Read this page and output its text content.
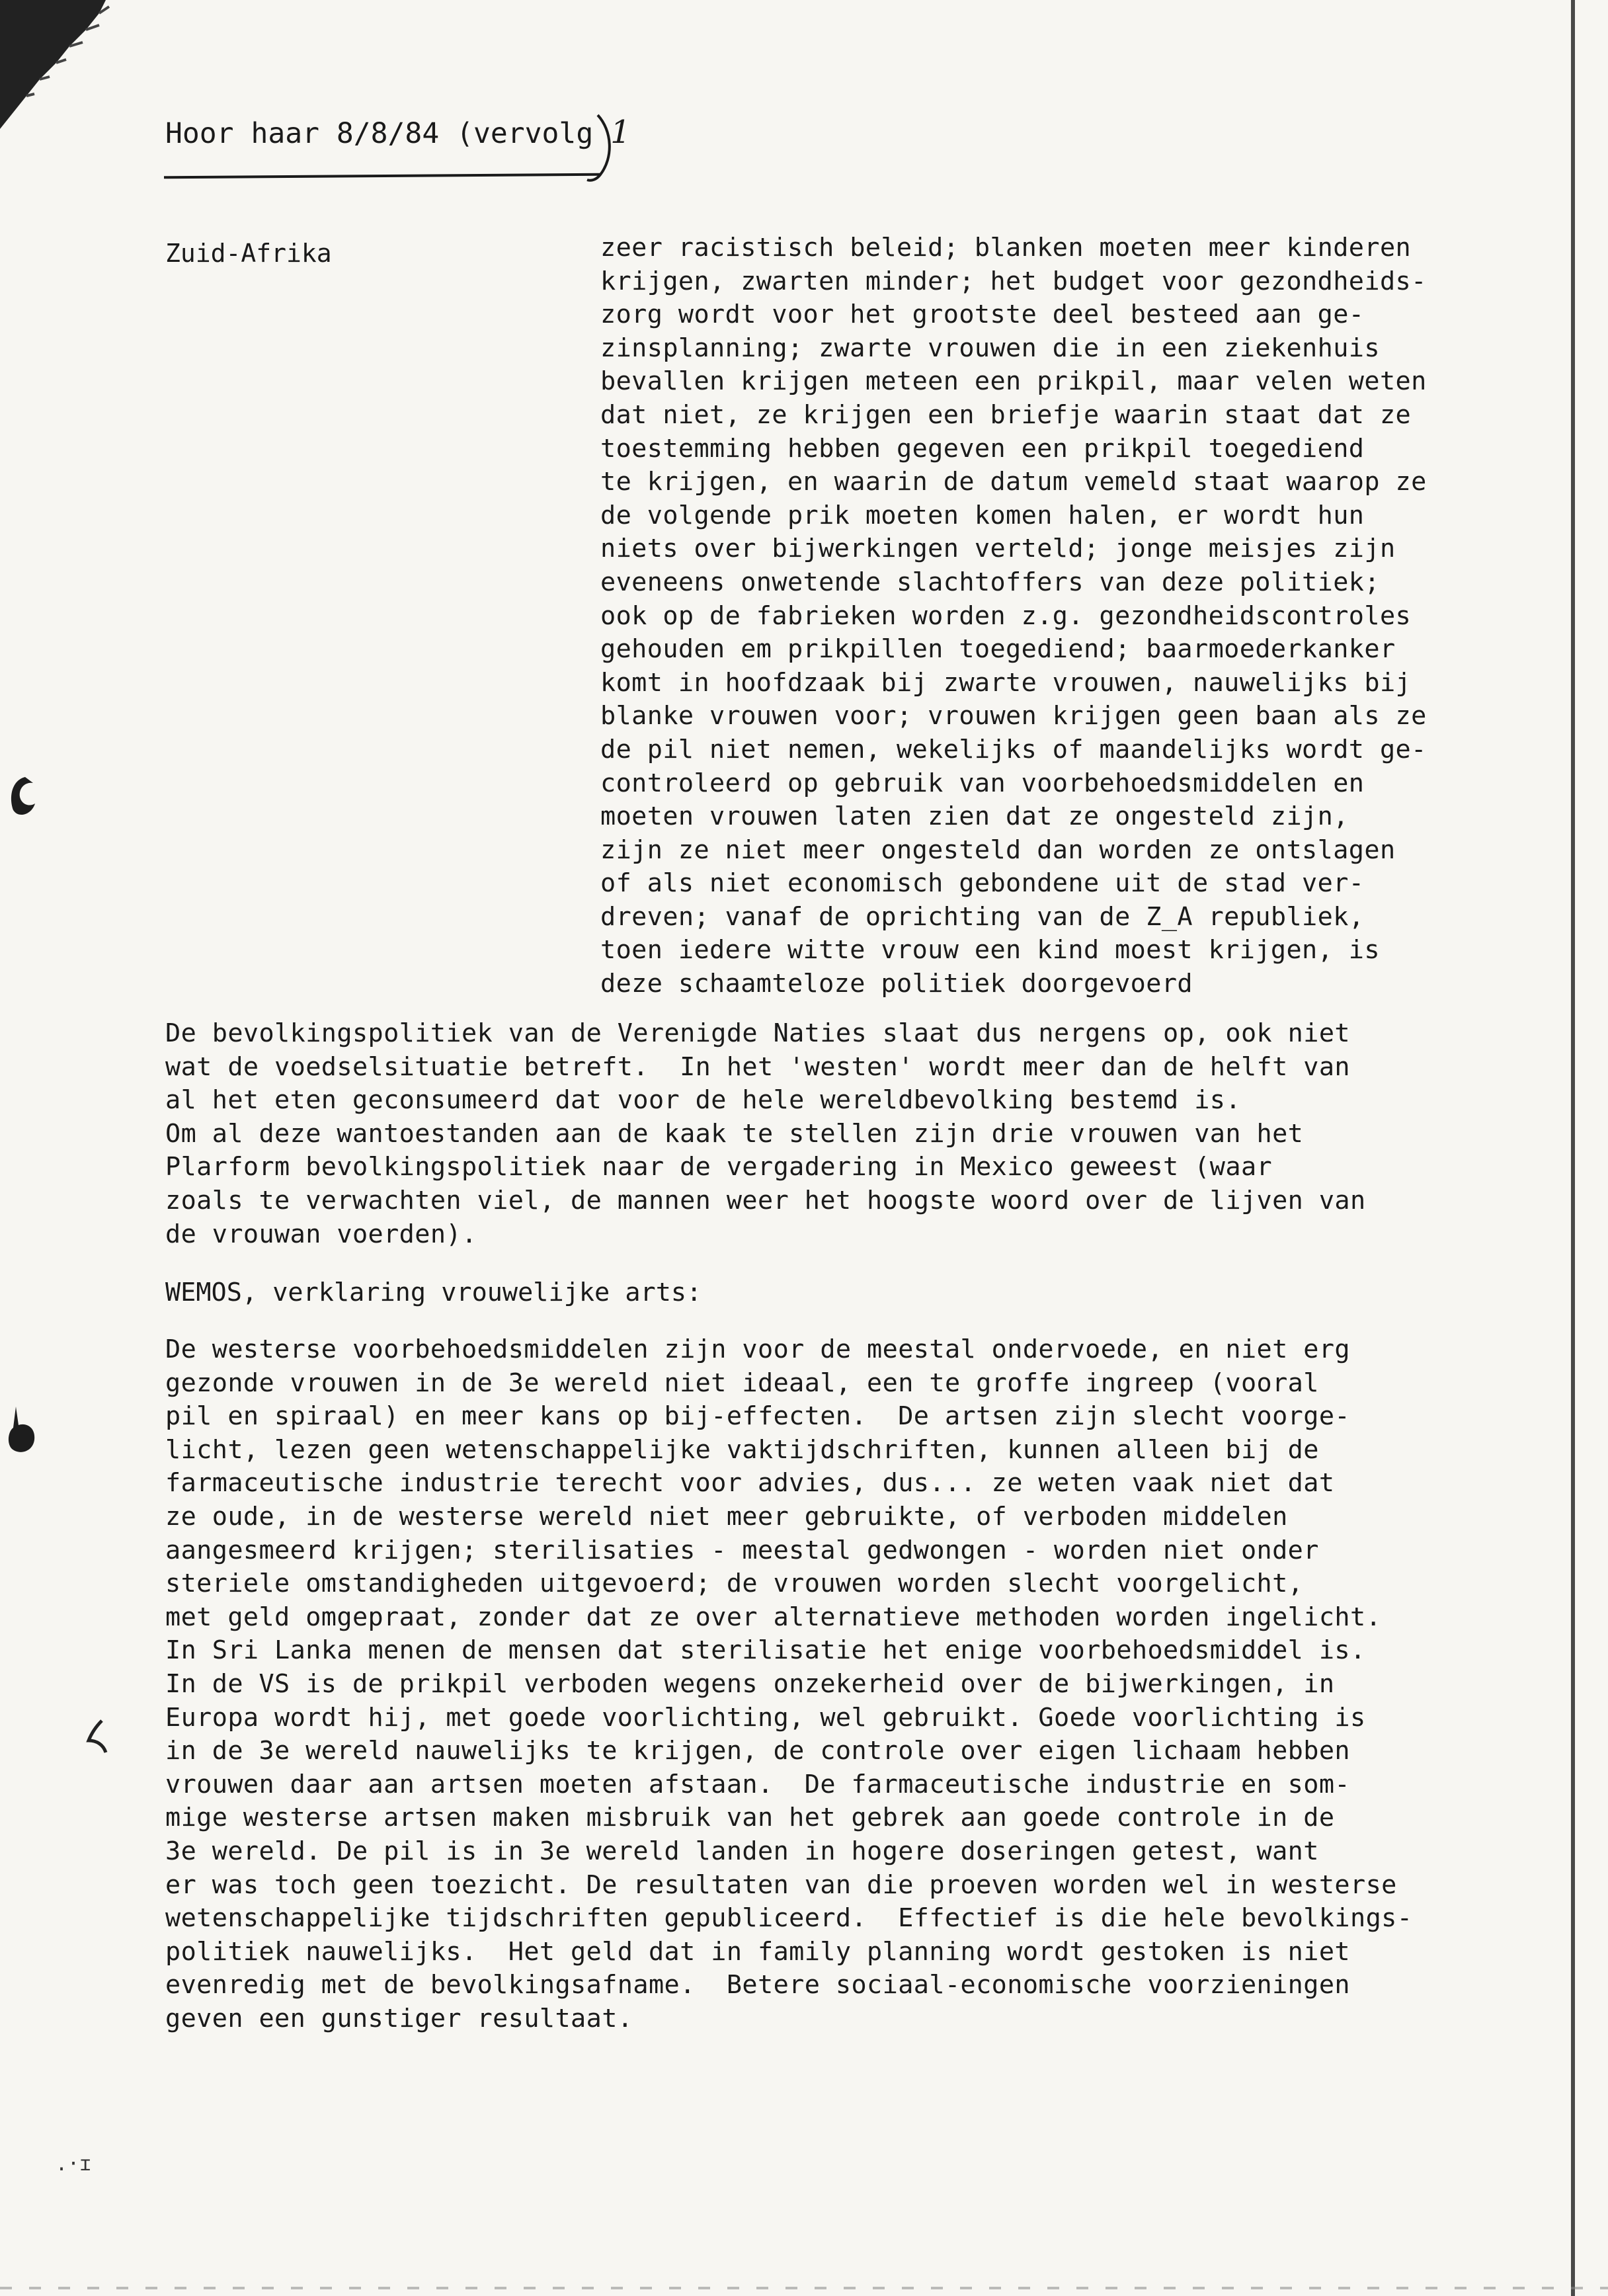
.·ɪ
Hoor haar 8/8/84 (vervolg 1
Zuid-Afrika	zeer racistisch beleid; blanken moeten meer kinderen
krijgen, zwarten minder; het budget voor gezondheids-
zorg wordt voor het grootste deel besteed aan ge-
zinsplanning; zwarte vrouwen die in een ziekenhuis
bevallen krijgen meteen een prikpil, maar velen weten
dat niet, ze krijgen een briefje waarin staat dat ze
toestemming hebben gegeven een prikpil toegediend
te krijgen, en waarin de datum vemeld staat waarop ze
de volgende prik moeten komen halen, er wordt hun
niets over bijwerkingen verteld; jonge meisjes zijn
eveneens onwetende slachtoffers van deze politiek;
ook op de fabrieken worden z.g. gezondheidscontroles
gehouden em prikpillen toegediend; baarmoederkanker
komt in hoofdzaak bij zwarte vrouwen, nauwelijks bij
blanke vrouwen voor; vrouwen krijgen geen baan als ze
de pil niet nemen, wekelijks of maandelijks wordt ge-
controleerd op gebruik van voorbehoedsmiddelen en
moeten vrouwen laten zien dat ze ongesteld zijn,
zijn ze niet meer ongesteld dan worden ze ontslagen
of als niet economisch gebondene uit de stad ver-
dreven; vanaf de oprichting van de Z_A republiek,
toen iedere witte vrouw een kind moest krijgen, is
deze schaamteloze politiek doorgevoerd
De bevolkingspolitiek van de Verenigde Naties slaat dus nergens op, ook niet
wat de voedselsituatie betreft.  In het 'westen' wordt meer dan de helft van
al het eten geconsumeerd dat voor de hele wereldbevolking bestemd is.
Om al deze wantoestanden aan de kaak te stellen zijn drie vrouwen van het
Plarform bevolkingspolitiek naar de vergadering in Mexico geweest (waar
zoals te verwachten viel, de mannen weer het hoogste woord over de lijven van
de vrouwan voerden).
WEMOS, verklaring vrouwelijke arts:
De westerse voorbehoedsmiddelen zijn voor de meestal ondervoede, en niet erg
gezonde vrouwen in de 3e wereld niet ideaal, een te groffe ingreep (vooral
pil en spiraal) en meer kans op bij-effecten.  De artsen zijn slecht voorge-
licht, lezen geen wetenschappelijke vaktijdschriften, kunnen alleen bij de
farmaceutische industrie terecht voor advies, dus... ze weten vaak niet dat
ze oude, in de westerse wereld niet meer gebruikte, of verboden middelen
aangesmeerd krijgen; sterilisaties - meestal gedwongen - worden niet onder
steriele omstandigheden uitgevoerd; de vrouwen worden slecht voorgelicht,
met geld omgepraat, zonder dat ze over alternatieve methoden worden ingelicht.
In Sri Lanka menen de mensen dat sterilisatie het enige voorbehoedsmiddel is.
In de VS is de prikpil verboden wegens onzekerheid over de bijwerkingen, in
Europa wordt hij, met goede voorlichting, wel gebruikt. Goede voorlichting is
in de 3e wereld nauwelijks te krijgen, de controle over eigen lichaam hebben
vrouwen daar aan artsen moeten afstaan.  De farmaceutische industrie en som-
mige westerse artsen maken misbruik van het gebrek aan goede controle in de
3e wereld. De pil is in 3e wereld landen in hogere doseringen getest, want
er was toch geen toezicht. De resultaten van die proeven worden wel in westerse
wetenschappelijke tijdschriften gepubliceerd.  Effectief is die hele bevolkings-
politiek nauwelijks.  Het geld dat in family planning wordt gestoken is niet
evenredig met de bevolkingsafname.  Betere sociaal-economische voorzieningen
geven een gunstiger resultaat.
